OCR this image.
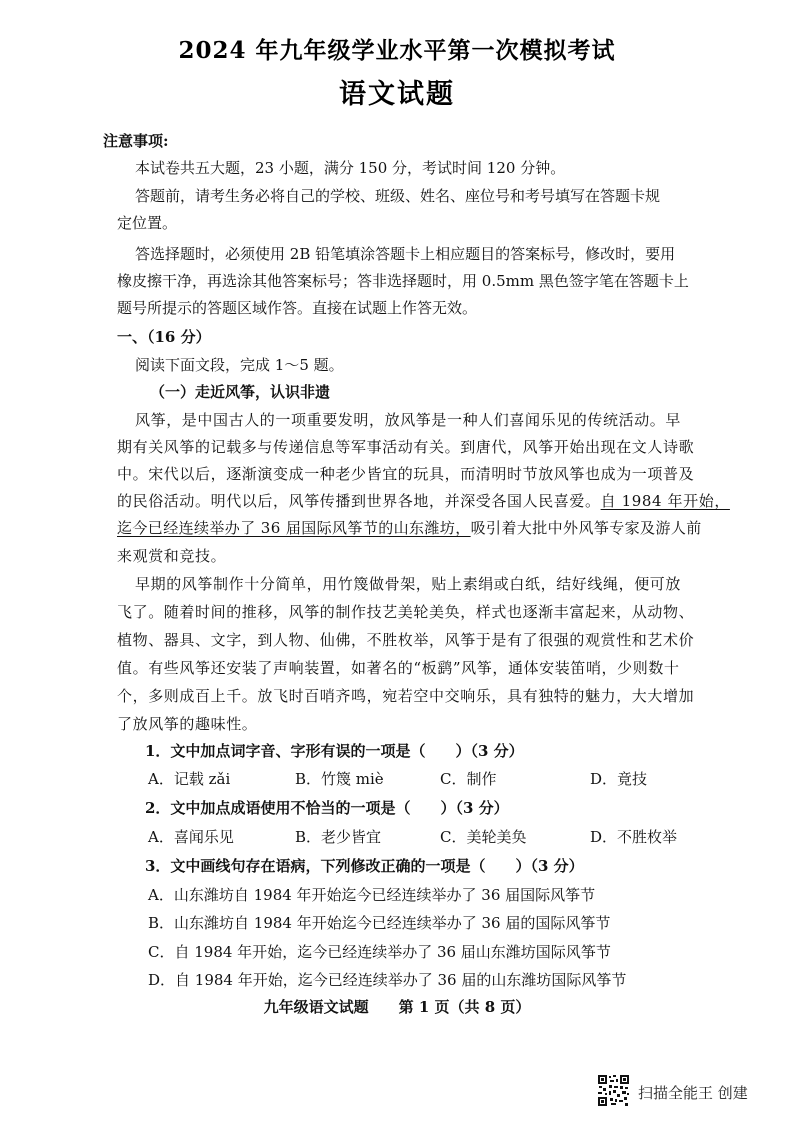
2024 年九年级学业水平第一次模拟考试
语文试题
注意事项:
本试卷共五大题，23 小题，满分 150 分，考试时间 120 分钟。
答题前，请考生务必将自己的学校、班级、姓名、座位号和考号填写在答题卡规
定位置。
答选择题时，必须使用 2B 铅笔填涂答题卡上相应题目的答案标号，修改时，要用
橡皮擦干净，再选涂其他答案标号；答非选择题时，用 0.5mm 黑色签字笔在答题卡上
题号所提示的答题区域作答。直接在试题上作答无效。
一、（16 分）
阅读下面文段，完成 1～5 题。
（一）走近风筝，认识非遗
风筝，是中国古人的一项重要发明，放风筝是一种人们喜闻乐见的传统活动。早
期有关风筝的记载多与传递信息等军事活动有关。到唐代，风筝开始出现在文人诗歌
中。宋代以后，逐渐演变成一种老少皆宜的玩具，而清明时节放风筝也成为一项普及
的民俗活动。明代以后，风筝传播到世界各地，并深受各国人民喜爱。自 1984 年开始，
迄今已经连续举办了 36 届国际风筝节的山东潍坊，吸引着大批中外风筝专家及游人前
来观赏和竞技。
早期的风筝制作十分简单，用竹篾做骨架，贴上素绢或白纸，结好线绳，便可放
飞了。随着时间的推移，风筝的制作技艺美轮美奂，样式也逐渐丰富起来，从动物、
植物、器具、文字，到人物、仙佛，不胜枚举，风筝于是有了很强的观赏性和艺术价
值。有些风筝还安装了声响装置，如著名的“板鹞”风筝，通体安装笛哨，少则数十
个，多则成百上千。放飞时百哨齐鸣，宛若空中交响乐，具有独特的魅力，大大增加
了放风筝的趣味性。
1．文中加点词字音、字形有误的一项是（　　）（3 分）
A．记载 zǎi	B．竹篾 miè	C．制作	D．竟技
2．文中加点成语使用不恰当的一项是（　　）（3 分）
A．喜闻乐见	B．老少皆宜	C．美轮美奂	D．不胜枚举
3．文中画线句存在语病，下列修改正确的一项是（　　）（3 分）
A．山东潍坊自 1984 年开始迄今已经连续举办了 36 届国际风筝节
B．山东潍坊自 1984 年开始迄今已经连续举办了 36 届的国际风筝节
C．自 1984 年开始，迄今已经连续举办了 36 届山东潍坊国际风筝节
D．自 1984 年开始，迄今已经连续举办了 36 届的山东潍坊国际风筝节
九年级语文试题　　第 1 页（共 8 页）
扫描全能王 创建
